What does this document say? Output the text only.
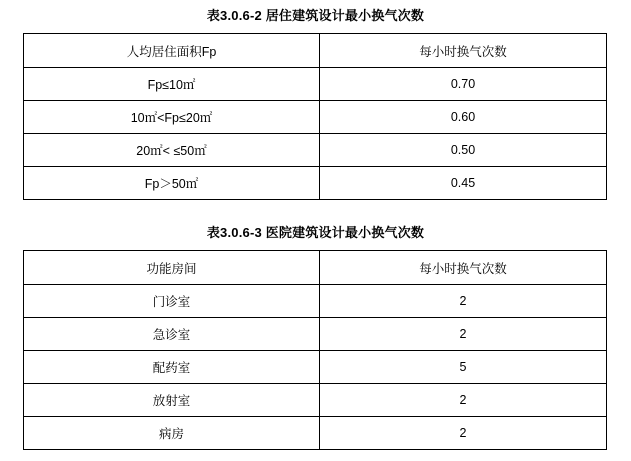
表3.0.6-2 居住建筑设计最小换气次数
人均居住面积Fp	每小时换气次数
Fp≤10㎡	0.70
10㎡<Fp≤20㎡	0.60
20㎡< ≤50㎡	0.50
Fp＞50㎡	0.45
表3.0.6-3 医院建筑设计最小换气次数
功能房间	每小时换气次数
门诊室	2
急诊室	2
配药室	5
放射室	2
病房	2
